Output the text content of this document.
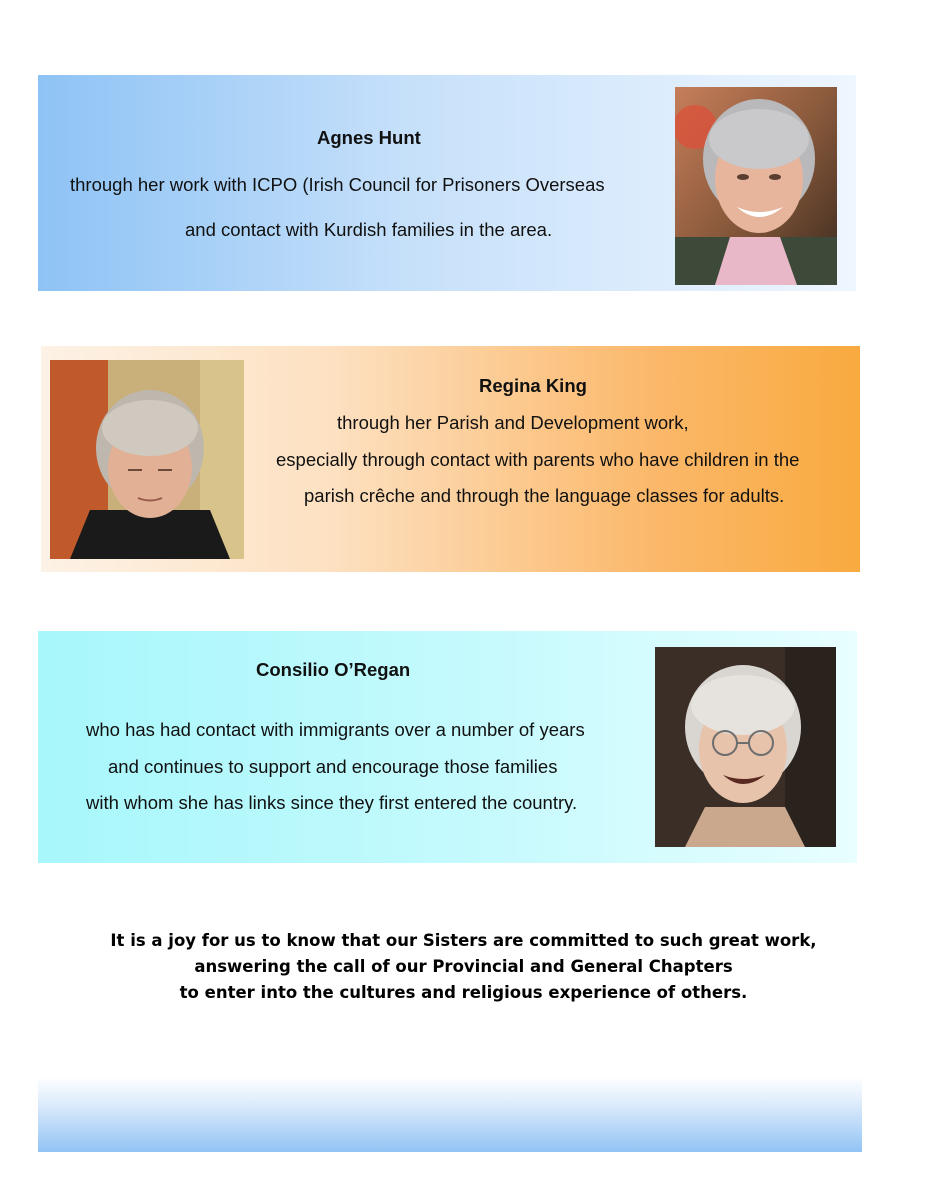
Agnes Hunt

through her work with ICPO (Irish Council for Prisoners Overseas

and contact with Kurdish families in the area.

Regina King

through her Parish and Development work,

especially through contact with parents who have children in the

parish crêche and through the language classes for adults.

Consilio O’Regan

who has had contact with immigrants over a number of years

and continues to support and encourage those families

with whom she has links since they first entered the country.

It is a joy for us to know that our Sisters are committed to such great work,
answering the call of our Provincial and General Chapters
to enter into the cultures and religious experience of others.
